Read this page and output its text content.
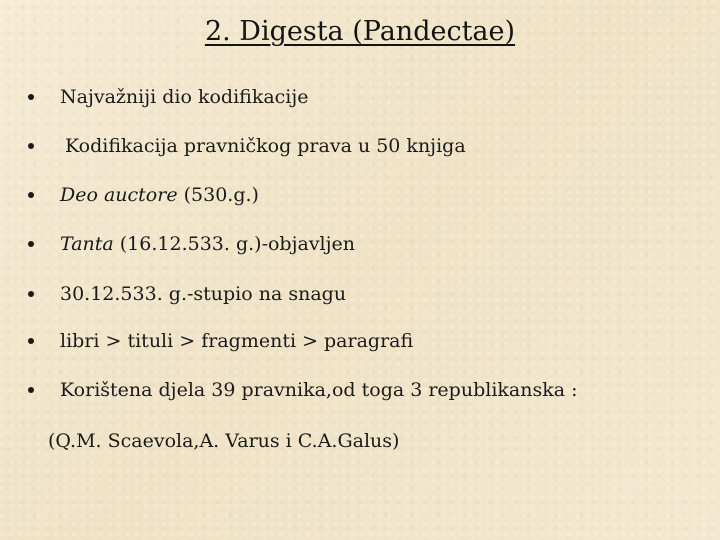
2. Digesta (Pandectae)
Najvažniji dio kodifikacije
Kodifikacija pravničkog prava u 50 knjiga
Deo auctore (530.g.)
Tanta (16.12.533. g.)-objavljen
30.12.533. g.-stupio na snagu
libri > tituli > fragmenti > paragrafi
Korištena djela 39 pravnika,od toga 3 republikanska :
(Q.M. Scaevola,A. Varus i C.A.Galus)
